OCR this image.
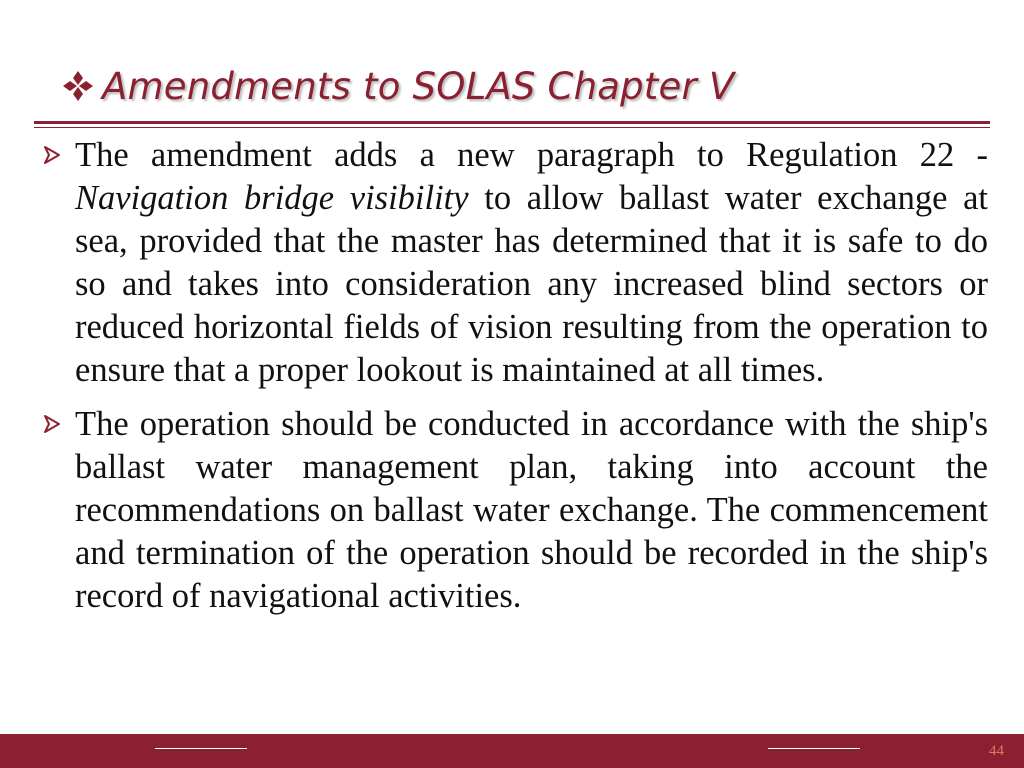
Amendments to SOLAS Chapter V
The amendment adds a new paragraph to Regulation 22 - Navigation bridge visibility to allow ballast water exchange at sea, provided that the master has determined that it is safe to do so and takes into consideration any increased blind sectors or reduced horizontal fields of vision resulting from the operation to ensure that a proper lookout is maintained at all times.
The operation should be conducted in accordance with the ship's ballast water management plan, taking into account the recommendations on ballast water exchange. The commencement and termination of the operation should be recorded in the ship's record of navigational activities.
44
